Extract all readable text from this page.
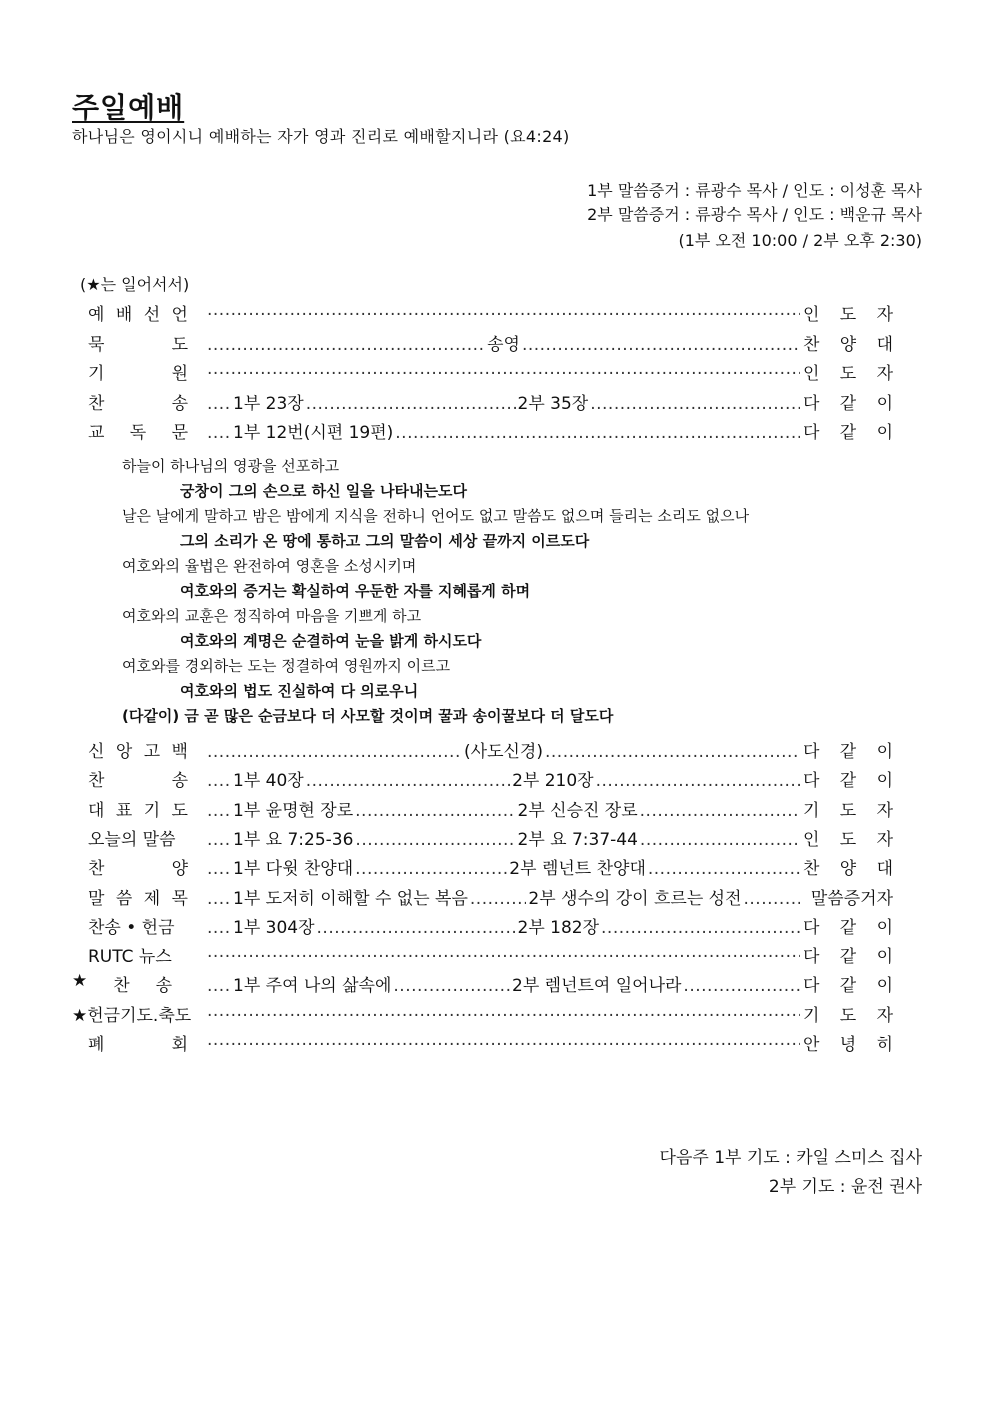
주일예배
하나님은 영이시니 예배하는 자가 영과 진리로 예배할지니라 (요4:24)
1부 말씀증거 : 류광수 목사 / 인도 : 이성훈 목사
2부 말씀증거 : 류광수 목사 / 인도 : 백운규 목사
(1부 오전 10:00 / 2부 오후 2:30)
(★는 일어서서)
예 배 선 언 .....	인 도 자
묵	도 .....	송영 .....	찬 양 대
기	원 .....	인 도 자
찬	송 .....	1부 23장 .....	2부 35장 .....	다 같 이
교 독 문 .....	1부 12번(시편 19편) .....	다 같 이
하늘이 하나님의 영광을 선포하고
궁창이 그의 손으로 하신 일을 나타내는도다
날은 날에게 말하고 밤은 밤에게 지식을 전하니 언어도 없고 말씀도 없으며 들리는 소리도 없으나
그의 소리가 온 땅에 통하고 그의 말씀이 세상 끝까지 이르도다
여호와의 율법은 완전하여 영혼을 소성시키며
여호와의 증거는 확실하여 우둔한 자를 지혜롭게 하며
여호와의 교훈은 정직하여 마음을 기쁘게 하고
여호와의 계명은 순결하여 눈을 밝게 하시도다
여호와를 경외하는 도는 정결하여 영원까지 이르고
여호와의 법도 진실하여 다 의로우니
(다같이) 금 곧 많은 순금보다 더 사모할 것이며 꿀과 송이꿀보다 더 달도다
신 앙 고 백 .....	(사도신경) .....	다 같 이
찬	송 .....	1부 40장 .....	2부 210장 .....	다 같 이
대 표 기 도 .....	1부 윤명현 장로 .....	2부 신승진 장로 .....	기 도 자
오늘의 말씀 .....	1부 요 7:25-36 .....	2부 요 7:37-44 .....	인 도 자
찬	양 .....	1부 다윗 찬양대 .....	2부 렘넌트 찬양대 .....	찬 양 대
말 씀 제 목 .....	1부 도저히 이해할 수 없는 복음 .....	2부 생수의 강이 흐르는 성전 .....	말씀증거자
찬송 • 헌금 .....	1부 304장 .....	2부 182장 .....	다 같 이
RUTC 뉴스 .....	다 같 이
★ 찬 송 .....	1부 주여 나의 삶속에 .....	2부 렘넌트여 일어나라 .....	다 같 이
★헌금기도.축도 .....	기 도 자
폐	회 .....	안 녕 히
다음주 1부 기도 : 카일 스미스 집사
2부 기도 : 윤전 권사
